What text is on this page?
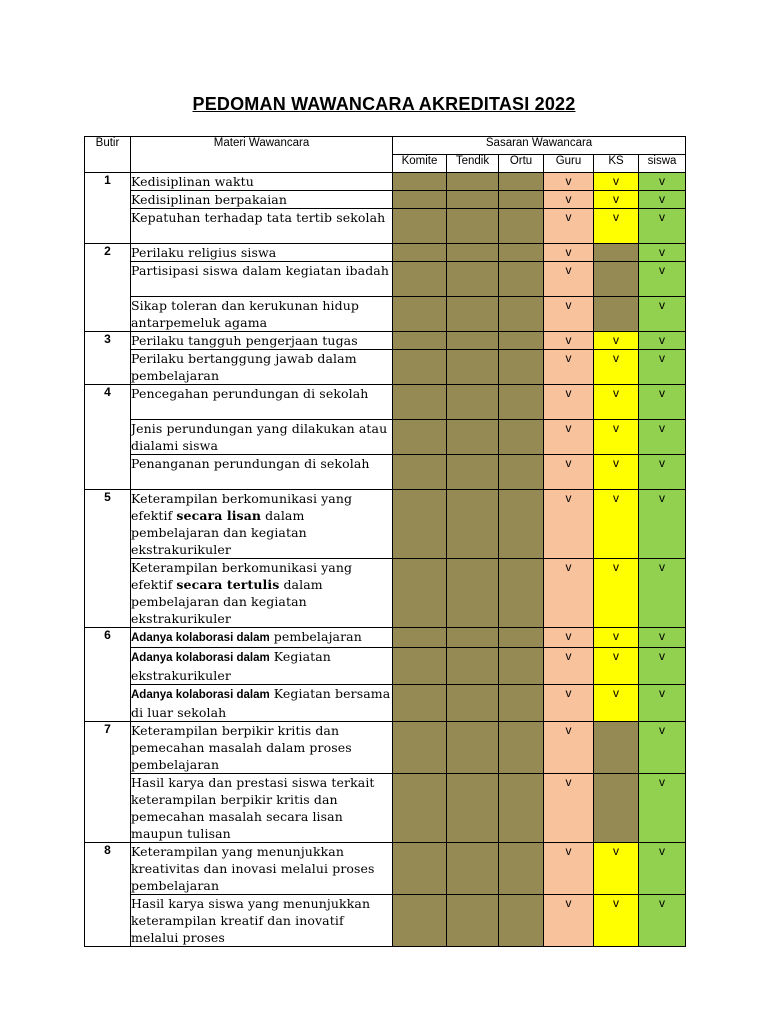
PEDOMAN WAWANCARA AKREDITASI 2022
Butir	Materi Wawancara	Sasaran Wawancara					
		Komite	Tendik	Ortu	Guru	KS	siswa
1	Kedisiplinan waktu				v	v	v
	Kedisiplinan berpakaian				v	v	v
	Kepatuhan terhadap tata tertib sekolah				v	v	v
2	Perilaku religius siswa				v		v
	Partisipasi siswa dalam kegiatan ibadah				v		v
	Sikap toleran dan kerukunan hidup antarpemeluk agama				v		v
3	Perilaku tangguh pengerjaan tugas				v	v	v
	Perilaku bertanggung jawab dalam pembelajaran				v	v	v
4	Pencegahan perundungan di sekolah				v	v	v
	Jenis perundungan yang dilakukan atau dialami siswa				v	v	v
	Penanganan perundungan di sekolah				v	v	v
5	Keterampilan berkomunikasi yang efektif secara lisan dalam pembelajaran dan kegiatan ekstrakurikuler				v	v	v
	Keterampilan berkomunikasi yang efektif secara tertulis dalam pembelajaran dan kegiatan ekstrakurikuler				v	v	v
6	Adanya kolaborasi dalam pembelajaran				v	v	v
	Adanya kolaborasi dalam Kegiatan ekstrakurikuler				v	v	v
	Adanya kolaborasi dalam Kegiatan bersama di luar sekolah				v	v	v
7	Keterampilan berpikir kritis dan pemecahan masalah dalam proses pembelajaran				v		v
	Hasil karya dan prestasi siswa terkait keterampilan berpikir kritis dan pemecahan masalah secara lisan maupun tulisan				v		v
8	Keterampilan yang menunjukkan kreativitas dan inovasi melalui proses pembelajaran				v	v	v
	Hasil karya siswa yang menunjukkan keterampilan kreatif dan inovatif melalui proses				v	v	v
